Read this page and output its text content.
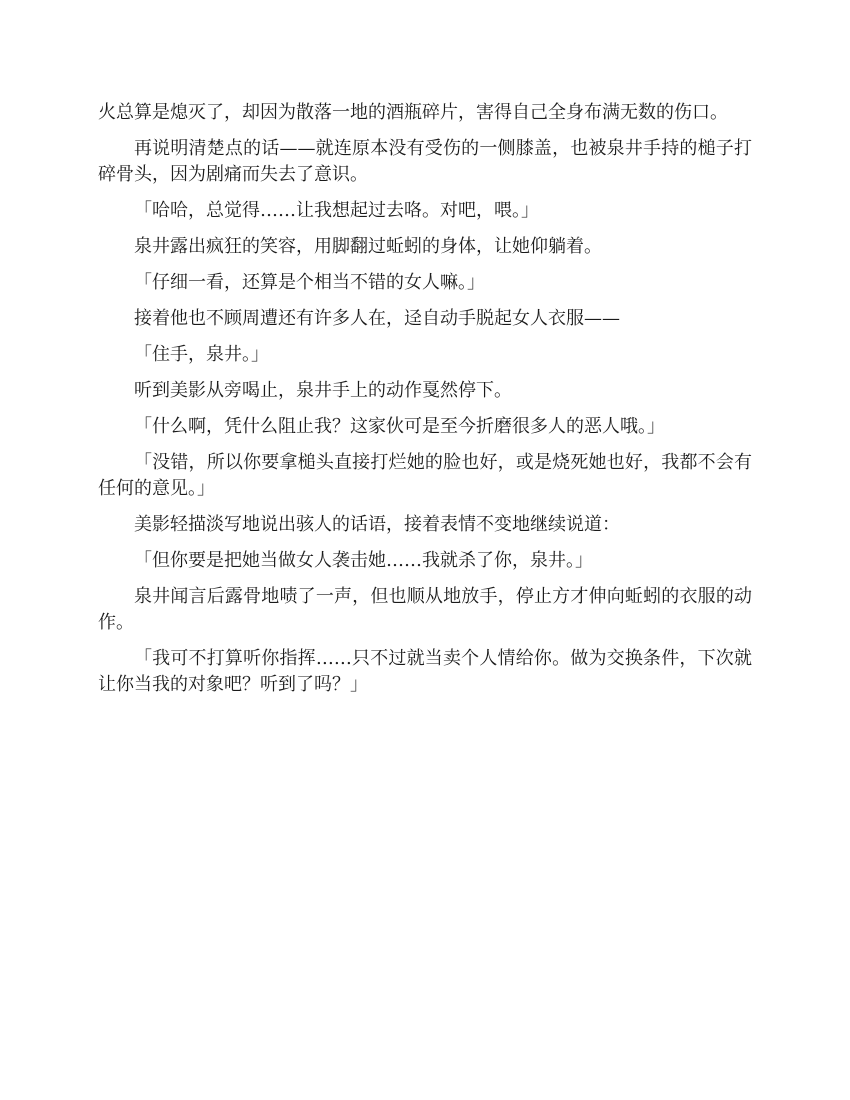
火总算是熄灭了，却因为散落一地的酒瓶碎片，害得自己全身布满无数的伤口。

再说明清楚点的话——就连原本没有受伤的一侧膝盖，也被泉井手持的槌子打碎骨头，因为剧痛而失去了意识。

「哈哈，总觉得……让我想起过去咯。对吧，喂。」

泉井露出疯狂的笑容，用脚翻过蚯蚓的身体，让她仰躺着。

「仔细一看，还算是个相当不错的女人嘛。」

接着他也不顾周遭还有许多人在，迳自动手脱起女人衣服——

「住手，泉井。」

听到美影从旁喝止，泉井手上的动作戛然停下。

「什么啊，凭什么阻止我？这家伙可是至今折磨很多人的恶人哦。」

「没错，所以你要拿槌头直接打烂她的脸也好，或是烧死她也好，我都不会有任何的意见。」

美影轻描淡写地说出骇人的话语，接着表情不变地继续说道：

「但你要是把她当做女人袭击她……我就杀了你，泉井。」

泉井闻言后露骨地啧了一声，但也顺从地放手，停止方才伸向蚯蚓的衣服的动作。

「我可不打算听你指挥……只不过就当卖个人情给你。做为交换条件，下次就让你当我的对象吧？听到了吗？」
